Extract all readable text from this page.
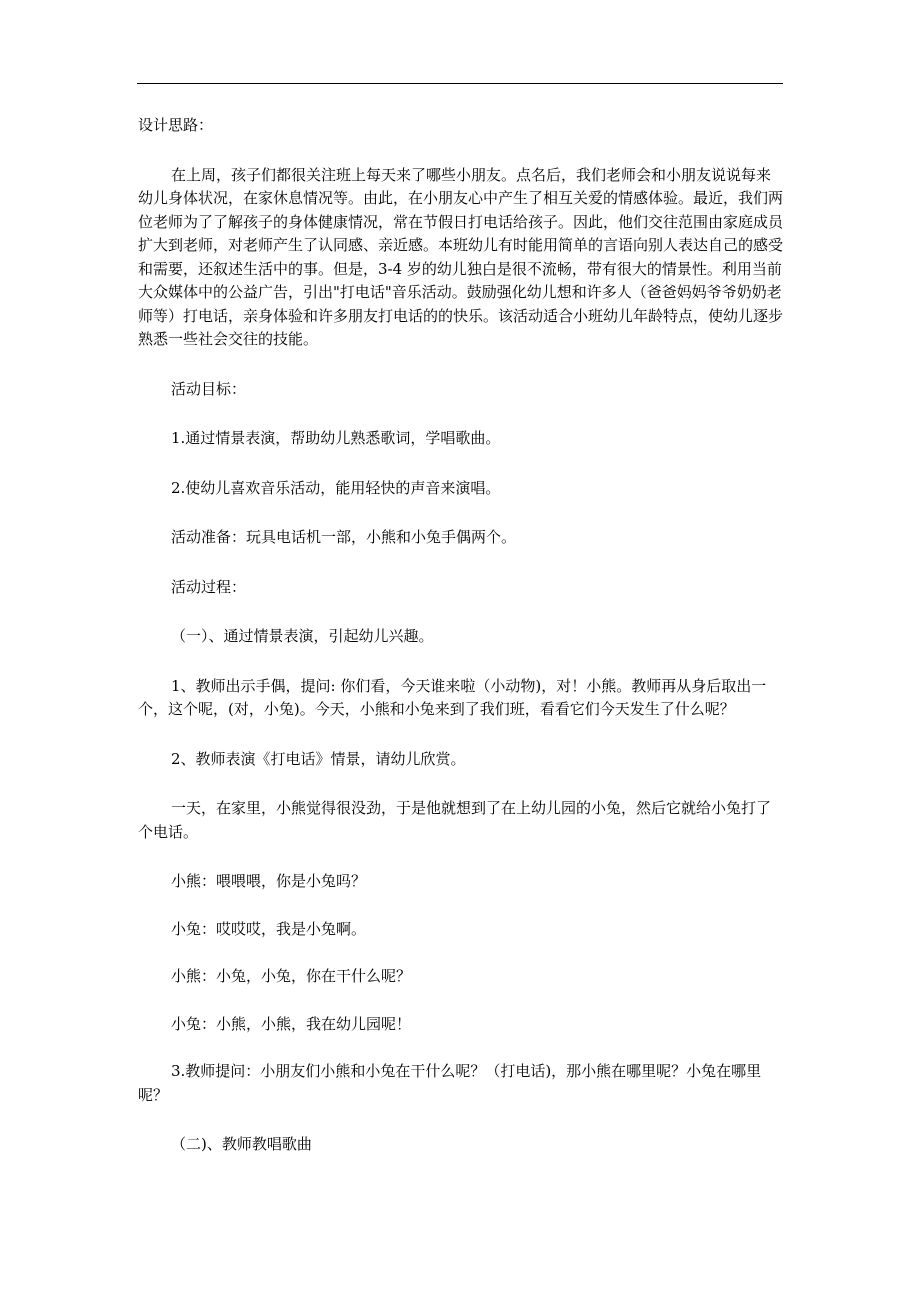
设计思路：

在上周，孩子们都很关注班上每天来了哪些小朋友。点名后，我们老师会和小朋友说说每来幼儿身体状况，在家休息情况等。由此，在小朋友心中产生了相互关爱的情感体验。最近，我们两位老师为了了解孩子的身体健康情况，常在节假日打电话给孩子。因此，他们交往范围由家庭成员扩大到老师，对老师产生了认同感、亲近感。本班幼儿有时能用简单的言语向别人表达自己的感受和需要，还叙述生活中的事。但是，3-4 岁的幼儿独白是很不流畅，带有很大的情景性。利用当前大众媒体中的公益广告，引出"打电话"音乐活动。鼓励强化幼儿想和许多人（爸爸妈妈爷爷奶奶老师等）打电话，亲身体验和许多朋友打电话的的快乐。该活动适合小班幼儿年龄特点，使幼儿逐步熟悉一些社会交往的技能。

活动目标：

1.通过情景表演，帮助幼儿熟悉歌词，学唱歌曲。

2.使幼儿喜欢音乐活动，能用轻快的声音来演唱。

活动准备：玩具电话机一部，小熊和小兔手偶两个。

活动过程：

（一）、通过情景表演，引起幼儿兴趣。

1、教师出示手偶，提问: 你们看，今天谁来啦（小动物)，对！小熊。教师再从身后取出一个，这个呢，(对，小兔)。今天，小熊和小兔来到了我们班，看看它们今天发生了什么呢？

2、教师表演《打电话》情景，请幼儿欣赏。

一天，在家里，小熊觉得很没劲，于是他就想到了在上幼儿园的小兔，然后它就给小兔打了个电话。

小熊：喂喂喂，你是小兔吗？

小兔：哎哎哎，我是小兔啊。

小熊：小兔，小兔，你在干什么呢？

小兔：小熊，小熊，我在幼儿园呢！

3.教师提问：小朋友们小熊和小兔在干什么呢？（打电话)，那小熊在哪里呢？小兔在哪里呢？

（二)、教师教唱歌曲
